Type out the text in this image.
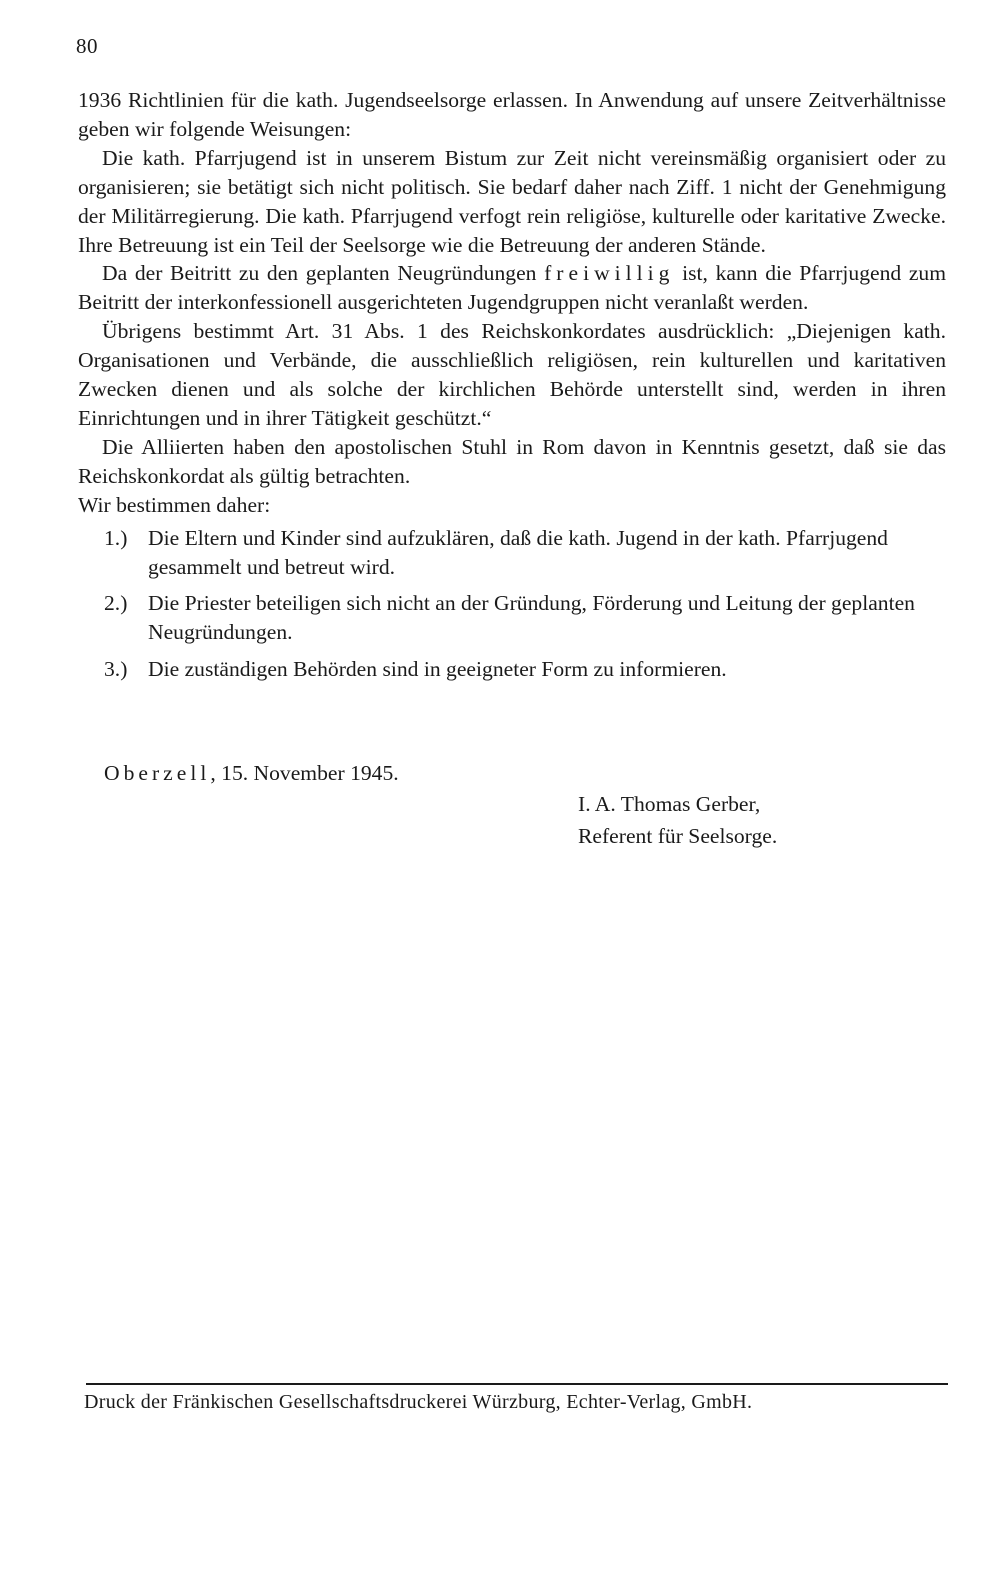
80

1936 Richtlinien für die kath. Jugendseelsorge erlassen. In Anwendung auf unsere Zeitverhältnisse geben wir folgende Weisungen:

Die kath. Pfarrjugend ist in unserem Bistum zur Zeit nicht vereinsmäßig organisiert oder zu organisieren; sie betätigt sich nicht politisch. Sie bedarf daher nach Ziff. 1 nicht der Genehmigung der Militärregierung. Die kath. Pfarrjugend verfogt rein religiöse, kulturelle oder karitative Zwecke. Ihre Betreuung ist ein Teil der Seelsorge wie die Betreuung der anderen Stände.

Da der Beitritt zu den geplanten Neugründungen freiwillig ist, kann die Pfarrjugend zum Beitritt der interkonfessionell ausgerichteten Jugendgruppen nicht veranlaßt werden.

Übrigens bestimmt Art. 31 Abs. 1 des Reichskonkordates ausdrücklich: „Diejenigen kath. Organisationen und Verbände, die ausschließlich religiösen, rein kulturellen und karitativen Zwecken dienen und als solche der kirchlichen Behörde unterstellt sind, werden in ihren Einrichtungen und in ihrer Tätigkeit geschützt.“

Die Alliierten haben den apostolischen Stuhl in Rom davon in Kenntnis gesetzt, daß sie das Reichskonkordat als gültig betrachten.

Wir bestimmen daher:

1.) Die Eltern und Kinder sind aufzuklären, daß die kath. Jugend in der kath. Pfarrjugend gesammelt und betreut wird.
2.) Die Priester beteiligen sich nicht an der Gründung, Förderung und Leitung der geplanten Neugründungen.
3.) Die zuständigen Behörden sind in geeigneter Form zu informieren.
Oberzell, 15. November 1945.
I. A. Thomas Gerber,
Referent für Seelsorge.
Druck der Fränkischen Gesellschaftsdruckerei Würzburg, Echter-Verlag, GmbH.
